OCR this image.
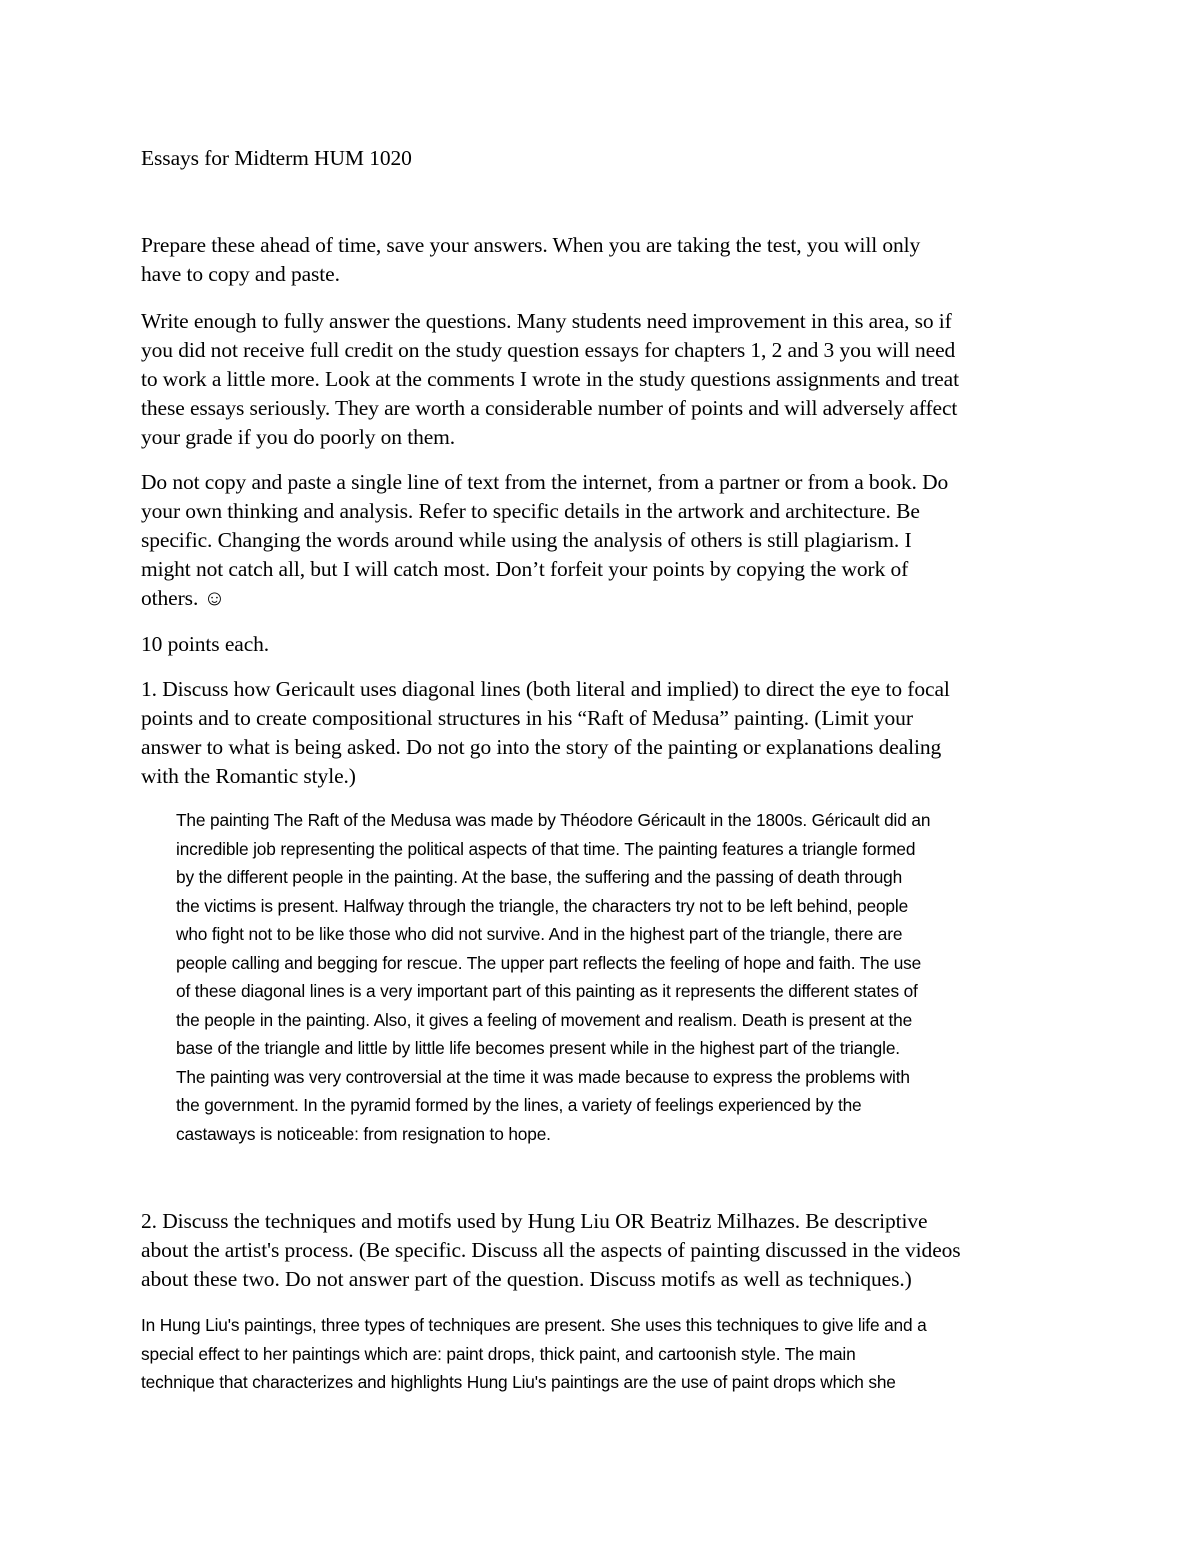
Essays for Midterm HUM 1020

Prepare these ahead of time, save your answers. When you are taking the test, you will only
have to copy and paste.

Write enough to fully answer the questions. Many students need improvement in this area, so if
you did not receive full credit on the study question essays for chapters 1, 2 and 3 you will need
to work a little more. Look at the comments I wrote in the study questions assignments and treat
these essays seriously. They are worth a considerable number of points and will adversely affect
your grade if you do poorly on them.

Do not copy and paste a single line of text from the internet, from a partner or from a book. Do
your own thinking and analysis. Refer to specific details in the artwork and architecture. Be
specific. Changing the words around while using the analysis of others is still plagiarism. I
might not catch all, but I will catch most. Don’t forfeit your points by copying the work of
others. ☺

10 points each.

1. Discuss how Gericault uses diagonal lines (both literal and implied) to direct the eye to focal
points and to create compositional structures in his “Raft of Medusa” painting. (Limit your
answer to what is being asked. Do not go into the story of the painting or explanations dealing
with the Romantic style.)

The painting The Raft of the Medusa was made by Théodore Géricault in the 1800s. Géricault did an
incredible job representing the political aspects of that time. The painting features a triangle formed
by the different people in the painting. At the base, the suffering and the passing of death through
the victims is present. Halfway through the triangle, the characters try not to be left behind, people
who fight not to be like those who did not survive. And in the highest part of the triangle, there are
people calling and begging for rescue. The upper part reflects the feeling of hope and faith. The use
of these diagonal lines is a very important part of this painting as it represents the different states of
the people in the painting. Also, it gives a feeling of movement and realism. Death is present at the
base of the triangle and little by little life becomes present while in the highest part of the triangle.
The painting was very controversial at the time it was made because to express the problems with
the government. In the pyramid formed by the lines, a variety of feelings experienced by the
castaways is noticeable: from resignation to hope.

2. Discuss the techniques and motifs used by Hung Liu OR Beatriz Milhazes. Be descriptive
about the artist's process. (Be specific. Discuss all the aspects of painting discussed in the videos
about these two. Do not answer part of the question. Discuss motifs as well as techniques.)

In Hung Liu's paintings, three types of techniques are present. She uses this techniques to give life and a
special effect to her paintings which are: paint drops, thick paint, and cartoonish style. The main
technique that characterizes and highlights Hung Liu's paintings are the use of paint drops which she
